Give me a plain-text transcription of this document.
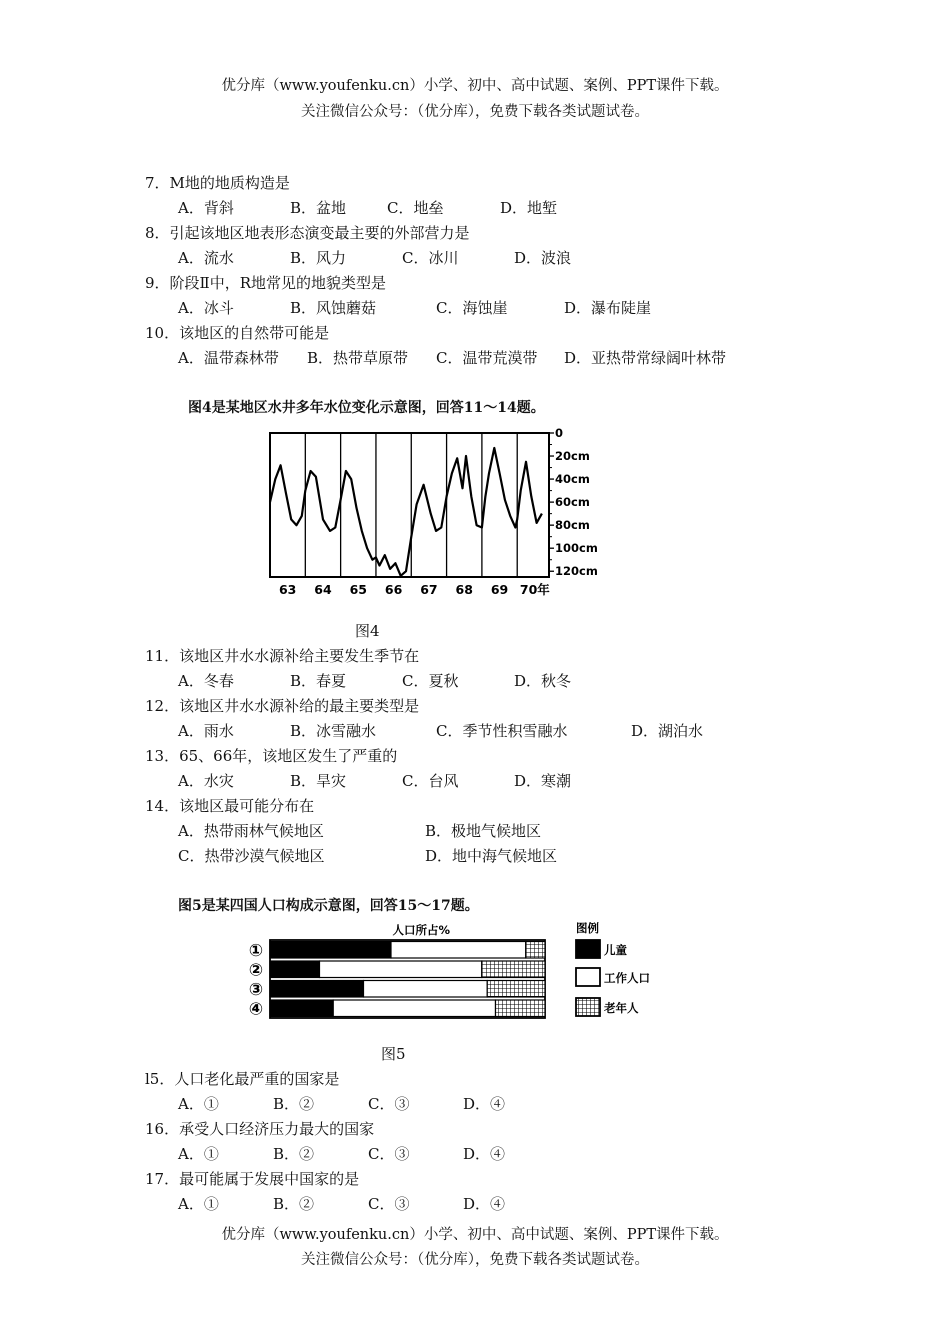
优分库（www.youfenku.cn）小学、初中、高中试题、案例、PPT课件下载。
关注微信公众号：（优分库），免费下载各类试题试卷。
7．M地的地质构造是
A．背斜	B．盆地	C．地垒	D．地堑
8．引起该地区地表形态演变最主要的外部营力是
A．流水	B．风力	C．冰川	D．波浪
9．阶段Ⅱ中，R地常见的地貌类型是
A．冰斗	B．风蚀蘑菇	C．海蚀崖	D．瀑布陡崖
10．该地区的自然带可能是
A．温带森林带 B．热带草原带 C．温带荒漠带 D．亚热带常绿阔叶林带
图4是某地区水井多年水位变化示意图，回答11～14题。
63 64 65 66 67 68 69 70年
0
20cm
40cm
60cm
80cm
100cm
120cm
图4
11．该地区井水水源补给主要发生季节在
A．冬春	B．春夏	C．夏秋	D．秋冬
12．该地区井水水源补给的最主要类型是
A．雨水	B．冰雪融水	C．季节性积雪融水	D．湖泊水
13．65、66年，该地区发生了严重的
A．水灾	B．旱灾	C．台风	D．寒潮
14．该地区最可能分布在
A．热带雨林气候地区	B．极地气候地区
C．热带沙漠气候地区	D．地中海气候地区
图5是某四国人口构成示意图，回答15～17题。
人口所占%
①
②
③
④
图例
儿童
工作人口
老年人
图5
l5．人口老化最严重的国家是
A．①	B．②	C．③	D．④
16．承受人口经济压力最大的国家
A．①	B．②	C．③	D．④
17．最可能属于发展中国家的是
A．①	B．②	C．③	D．④
优分库（www.youfenku.cn）小学、初中、高中试题、案例、PPT课件下载。
关注微信公众号：（优分库），免费下载各类试题试卷。
